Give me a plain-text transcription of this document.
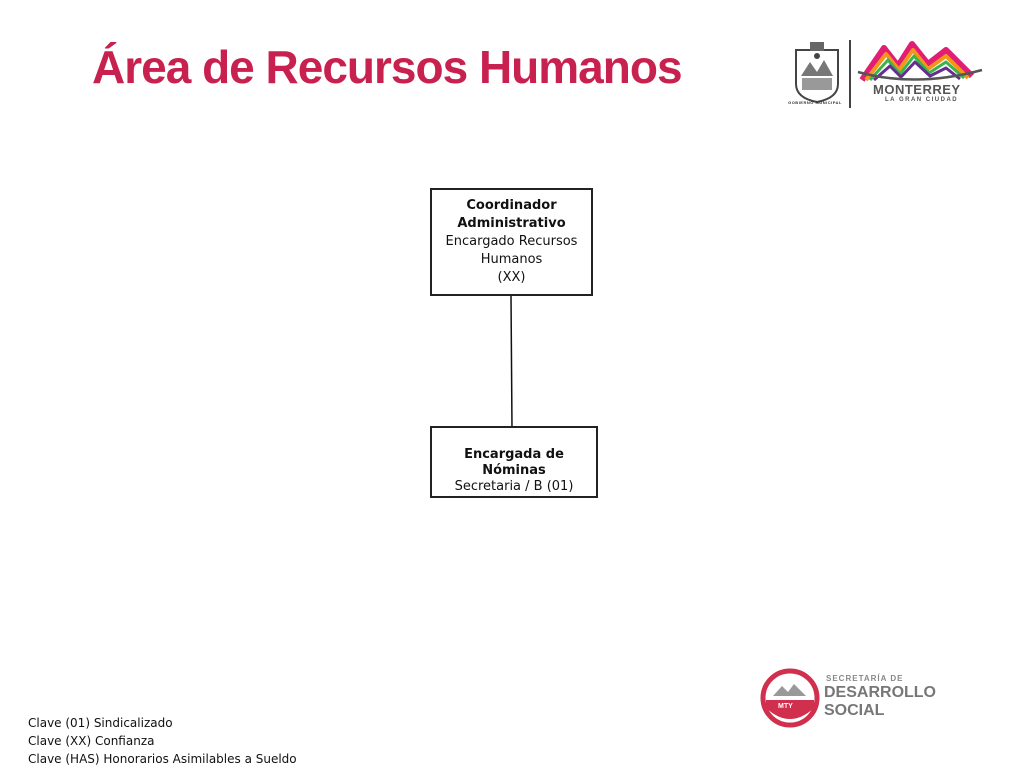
Área de Recursos Humanos
GOBIERNO MUNICIPAL
MONTERREY
LA GRAN CIUDAD
Coordinador Administrativo
Encargado Recursos Humanos
(XX)
Encargada de Nóminas
Secretaria / B (01)
Clave (01) Sindicalizado
Clave (XX) Confianza
Clave (HAS) Honorarios Asimilables a Sueldo
MTY
SECRETARÍA DE
DESARROLLO
SOCIAL
